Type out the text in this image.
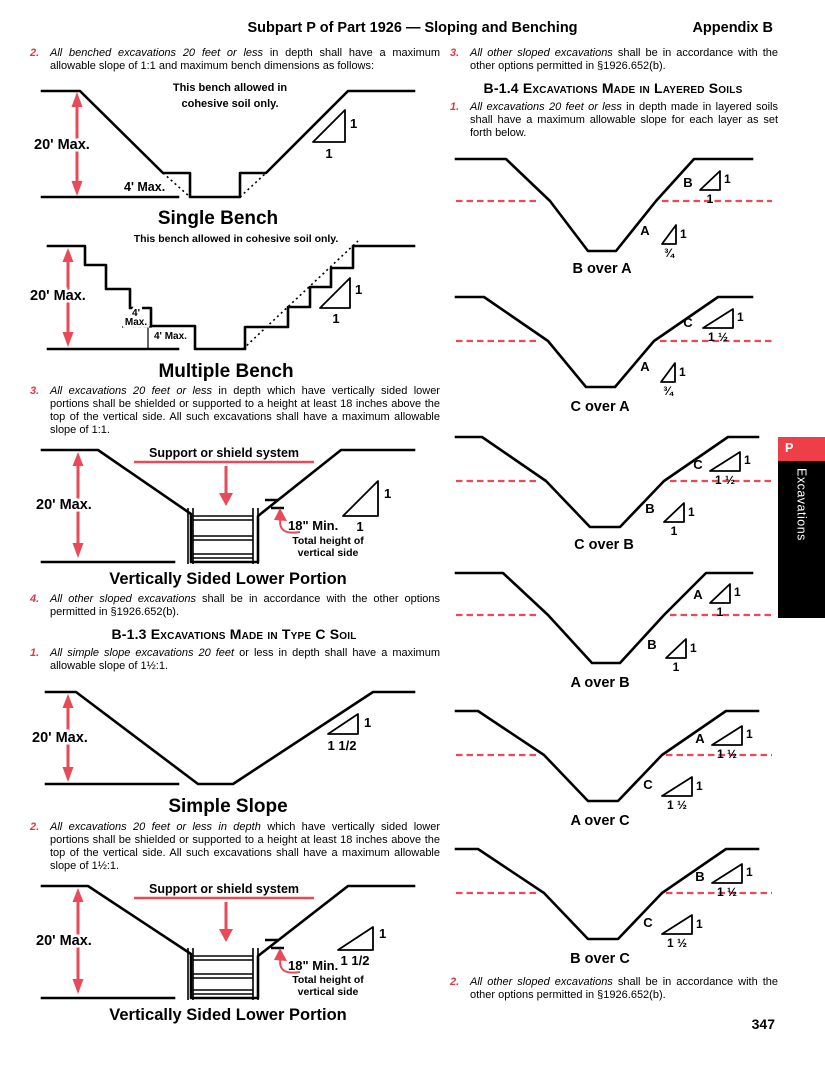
Subpart P of Part 1926 — Sloping and Benching	Appendix B

2. All benched excavations 20 feet or less in depth shall have a maximum allowable slope of 1:1 and maximum bench dimensions as follows:

This bench allowed in
cohesive soil only.
20' Max.
4' Max.
1
1
Single Bench
This bench allowed in cohesive soil only.
20' Max.
4'
Max.
4' Max.
1
1
Multiple Bench

3. All excavations 20 feet or less in depth which have vertically sided lower portions shall be shielded or supported to a height at least 18 inches above the top of the vertical side. All such excavations shall have a maximum allowable slope of 1:1.

Support or shield system
18" Min.
Total height of
vertical side
20' Max.
1
1
Vertically Sided Lower Portion

4. All other sloped excavations shall be in accordance with the other options permitted in §1926.652(b).

B-1.3 Excavations Made in Type C Soil

1. All simple slope excavations 20 feet or less in depth shall have a maximum allowable slope of 1½:1.

20' Max.
1
1 1/2
Simple Slope

2. All excavations 20 feet or less in depth which have vertically sided lower portions shall be shielded or supported to a height at least 18 inches above the top of the vertical side. All such excavations shall have a maximum allowable slope of 1½:1.

Support or shield system
18" Min.
Total height of
vertical side
20' Max.	1
1 1/2
Vertically Sided Lower Portion

3. All other sloped excavations shall be in accordance with the other options permitted in §1926.652(b).

B-1.4 Excavations Made in Layered Soils

1. All excavations 20 feet or less in depth made in layered soils shall have a maximum allowable slope for each layer as set forth below.

A	1
¾
B	1
1
B over A
A 1
¾
C	1
1 ½
C over A
B	1
1
C	1
1 ½
C over B
B	1
1
A	1
1
A over B
C	1
1 ½
A	1
1 ½
A over C
C	1
1 ½
B	1
1 ½
B over C

2. All other sloped excavations shall be in accordance with the other options permitted in §1926.652(b).

P
Excavations
347
